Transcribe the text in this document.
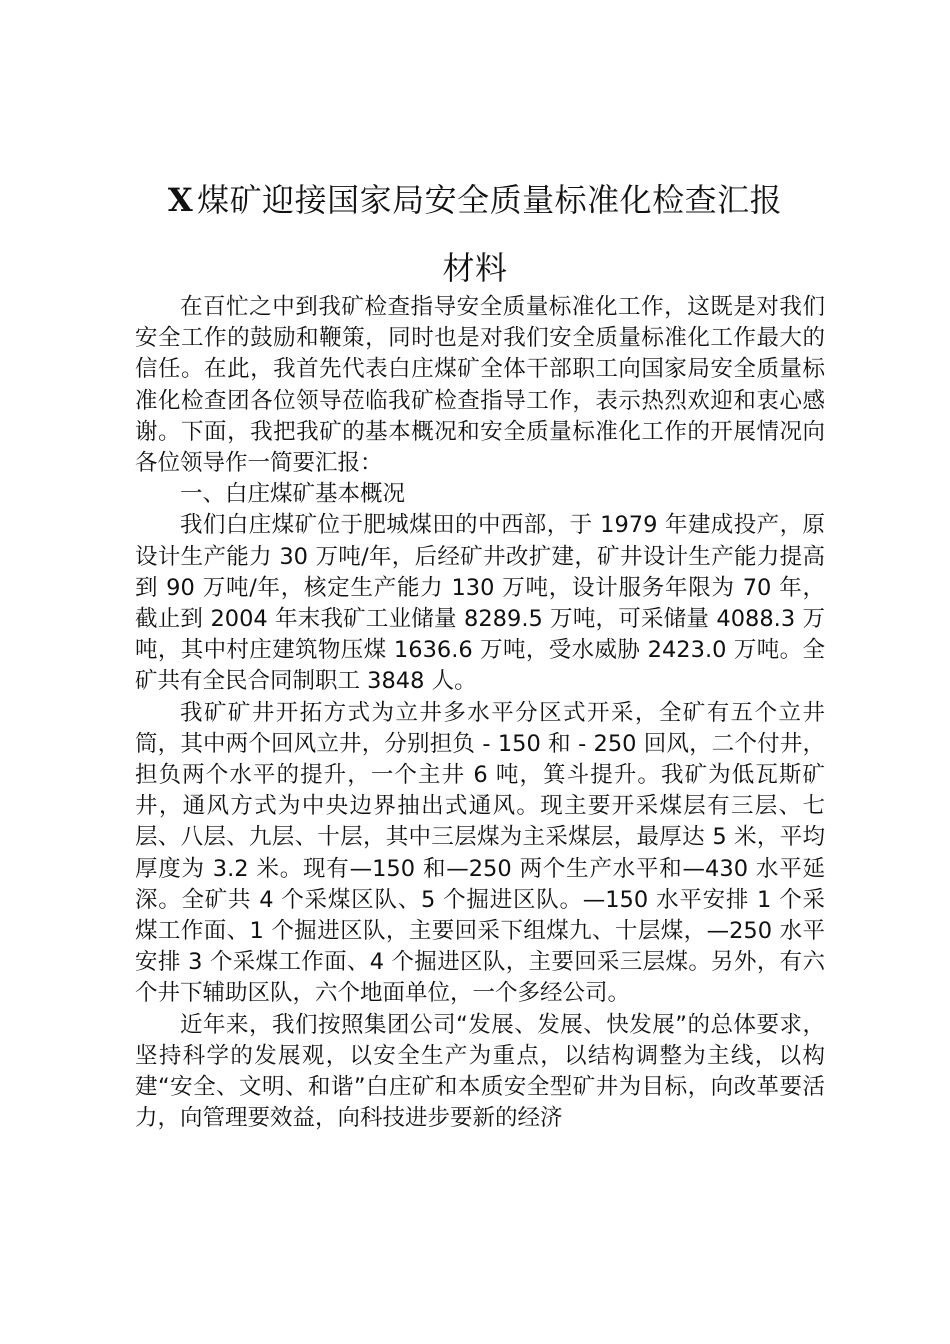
X 煤矿迎接国家局安全质量标准化检查汇报
材料

在百忙之中到我矿检查指导安全质量标准化工作，这既是对我们安全工作的鼓励和鞭策，同时也是对我们安全质量标准化工作最大的信任。在此，我首先代表白庄煤矿全体干部职工向国家局安全质量标准化检查团各位领导莅临我矿检查指导工作，表示热烈欢迎和衷心感谢。下面，我把我矿的基本概况和安全质量标准化工作的开展情况向各位领导作一简要汇报：

一、白庄煤矿基本概况

我们白庄煤矿位于肥城煤田的中西部，于 1979 年建成投产，原设计生产能力 30 万吨/年，后经矿井改扩建，矿井设计生产能力提高到 90 万吨/年，核定生产能力 130 万吨，设计服务年限为 70 年，截止到 2004 年末我矿工业储量 8289.5 万吨，可采储量 4088.3 万吨，其中村庄建筑物压煤 1636.6 万吨，受水威胁 2423.0 万吨。全矿共有全民合同制职工 3848 人。

我矿矿井开拓方式为立井多水平分区式开采，全矿有五个立井筒，其中两个回风立井，分别担负 - 150 和 - 250 回风，二个付井，担负两个水平的提升，一个主井 6 吨，箕斗提升。我矿为低瓦斯矿井，通风方式为中央边界抽出式通风。现主要开采煤层有三层、七层、八层、九层、十层，其中三层煤为主采煤层，最厚达 5 米，平均厚度为 3.2 米。现有—150 和—250 两个生产水平和—430 水平延深。全矿共 4 个采煤区队、5 个掘进区队。—150 水平安排 1 个采煤工作面、1 个掘进区队，主要回采下组煤九、十层煤，—250 水平安排 3 个采煤工作面、4 个掘进区队，主要回采三层煤。另外，有六个井下辅助区队，六个地面单位，一个多经公司。

近年来，我们按照集团公司“发展、发展、快发展”的总体要求，坚持科学的发展观，以安全生产为重点，以结构调整为主线，以构建“安全、文明、和谐”白庄矿和本质安全型矿井为目标，向改革要活力，向管理要效益，向科技进步要新的经济
